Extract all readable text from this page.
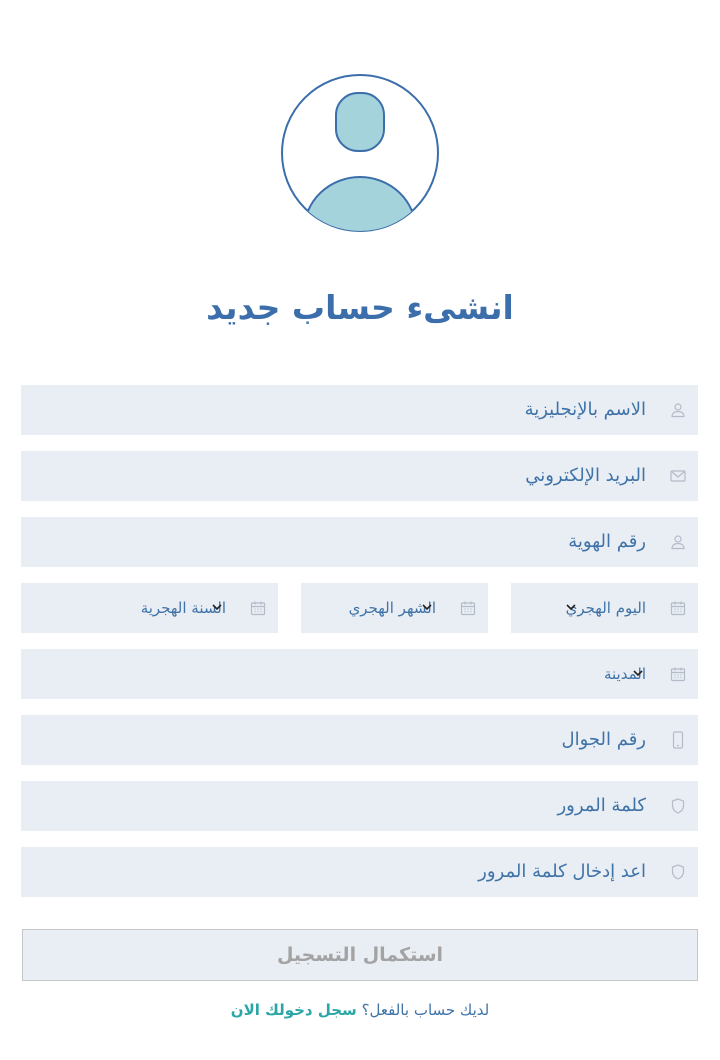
انشىء حساب جديد
الاسم بالإنجليزية
البريد الإلكتروني
رقم الهوية
اليوم الهجري
الشهر الهجري
السنة الهجرية
المدينة
رقم الجوال
كلمة المرور
اعد إدخال كلمة المرور
استكمال التسجيل
لديك حساب بالفعل؟ سجل دخولك الان
